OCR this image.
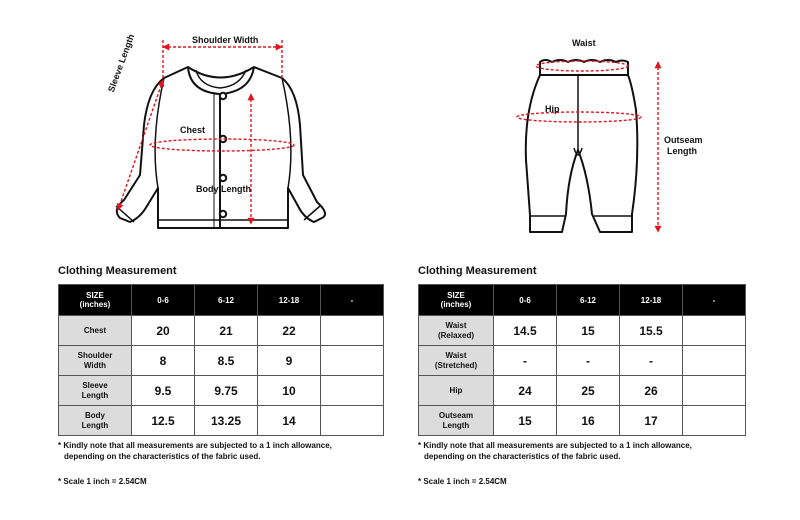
Shoulder Width
Sleeve Length
Chest
Body Length
Waist
Hip
Outseam
Length
Clothing Measurement
SIZE
(inches)	0-6	6-12	12-18	-
Chest	20	21	22	
Shoulder
Width	8	8.5	9	
Sleeve
Length	9.5	9.75	10	
Body
Length	12.5	13.25	14	
* Kindly note that all measurements are subjected to a 1 inch allowance,
depending on the characteristics of the fabric used.
* Scale 1 inch = 2.54CM
Clothing Measurement
SIZE
(inches)	0-6	6-12	12-18	-
Waist
(Relaxed)	14.5	15	15.5	
Waist
(Stretched)	-	-	-	
Hip	24	25	26	
Outseam
Length	15	16	17	
* Kindly note that all measurements are subjected to a 1 inch allowance,
depending on the characteristics of the fabric used.
* Scale 1 inch = 2.54CM
